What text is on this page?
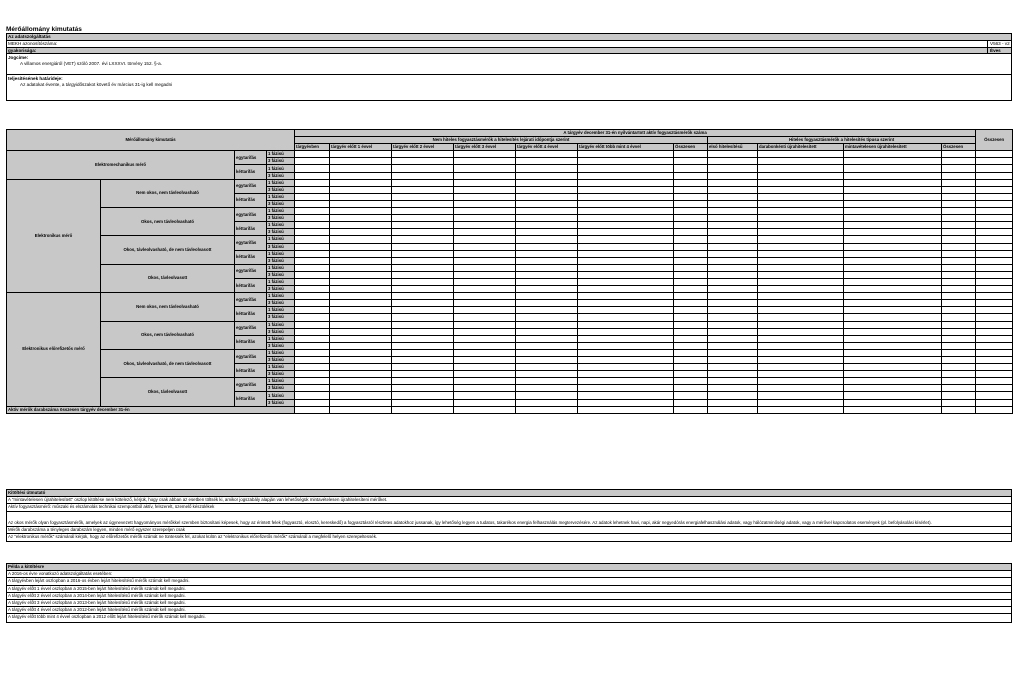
Mérőállomány kimutatás
Az adatszolgáltatás
MEKH azonosítószáma:	V563 - v2
gyakorisága:	Éves
Jogcíme:
A villamos energiáról (VET) szóló 2007. évi LXXXVI. törvény 152. §-a.
teljesítésének határideje:
Az adatokat évente, a tárgyidőszakot követő év március 31-ig kell megadni
Mérőállomány kimutatás				A tárgyév december 31-én nyilvántartott aktív fogyasztásmérők száma											Összesen
				Nem hiteles fogyasztásmérők a hitelesítés lejárati időpontja szerint							Hiteles fogyasztásmérők a hitelesítés típusa szerint				
				tárgyévben	tárgyév előtt 1 évvel	tárgyév előtt 2 évvel	tárgyév előtt 3 évvel	tárgyév előtt 4 évvel	tárgyév előtt több mint 4 évvel	Összesen	első hitelesítésű	darabonkénti újrahitelesített	mintavételesen újrahitelesített	Összesen	
Elektromechanikus mérő		egytarifás	1 fázisú												
			3 fázisú												
		kéttarifás	1 fázisú												
			3 fázisú												
Elektronikus mérő	Nem okos, nem távleolvasható	egytarifás	1 fázisú												
			3 fázisú												
		kéttarifás	1 fázisú												
			3 fázisú												
	Okos, nem távleolvasható	egytarifás	1 fázisú												
			3 fázisú												
		kéttarifás	1 fázisú												
			3 fázisú												
	Okos, távleolvasható, de nem távleolvasott	egytarifás	1 fázisú												
			3 fázisú												
		kéttarifás	1 fázisú												
			3 fázisú												
	Okos, távleolvasott	egytarifás	1 fázisú												
			3 fázisú												
		kéttarifás	1 fázisú												
			3 fázisú												
Elektronikus előrefizetős mérő	Nem okos, nem távleolvasható	egytarifás	1 fázisú												
			3 fázisú												
		kéttarifás	1 fázisú												
			3 fázisú												
	Okos, nem távleolvasható	egytarifás	1 fázisú												
			3 fázisú												
		kéttarifás	1 fázisú												
			3 fázisú												
	Okos, távleolvasható, de nem távleolvasott	egytarifás	1 fázisú												
			3 fázisú												
		kéttarifás	1 fázisú												
			3 fázisú												
	Okos, távleolvasott	egytarifás	1 fázisú												
			3 fázisú												
		kéttarifás	1 fázisú												
			3 fázisú												
Aktív mérők darabszáma összesen tárgyév december 31-én															
Kitöltési útmutató
A "mintavételesen újrahitelesített" oszlop kitöltése nem kötelező, kérjük, hogy csak abban az esetben töltsék ki, amikor jogszabály alapján van lehetőségük mintavételesen újrahitelesíteni mérőket.
Aktív fogyasztásmérő: műszaki és elszámolás technikai szempontból aktív, felszerelt, üzemelő készülékek
Az okos mérők olyan fogyasztásmérők, amelyek az úgynevezett hagyományos mérőkkel szemben biztosítani képesek, hogy az érintett felek (fogyasztó, elosztó, kereskedő) a fogyasztásról részletes adatokhoz jussanak, így lehetőség legyen a tudatos, takarékos energia felhasználás megtervezésére. Az adatok lehetnek havi, napi, akár negyedórás energiafelhasználási adatok, vagy hálózatminőségi adatok, vagy a mérővel kapcsolatos események (pl. befolyásolási kísérlet).
Mérők darabszáma a tényleges darabszám legyen, minden mérő egyszer szerepeljen csak
Az "elektronikus mérők" számánál kérjük, hogy az előrefizetős mérők számát ne tüntessék fel, azokat külön az "elektronikus előrefizetős mérők" számánál a megfelelő helyen szerepeltessék.
Példa a kitöltésre
A 2016-os évre vonatkozó adatszolgáltatás esetében:
A tárgyévben lejárt oszlopban a 2016-os évben lejárt hitelesítésű mérők számát kell megadni.
A tárgyév előtt 1 évvel oszlopban a 2015-ben lejárt hitelesítésű mérők számát kell megadni.
A tárgyév előtt 2 évvel oszlopban a 2014-ben lejárt hitelesítésű mérők számát kell megadni.
A tárgyév előtt 3 évvel oszlopban a 2013-ben lejárt hitelesítésű mérők számát kell megadni.
A tárgyév előtt 4 évvel oszlopban a 2012-ben lejárt hitelesítésű mérők számát kell megadni.
A tárgyév előtt több mint 4 évvel oszlopban a 2012 előtt lejárt hitelesítésű mérők számát kell megadni.
